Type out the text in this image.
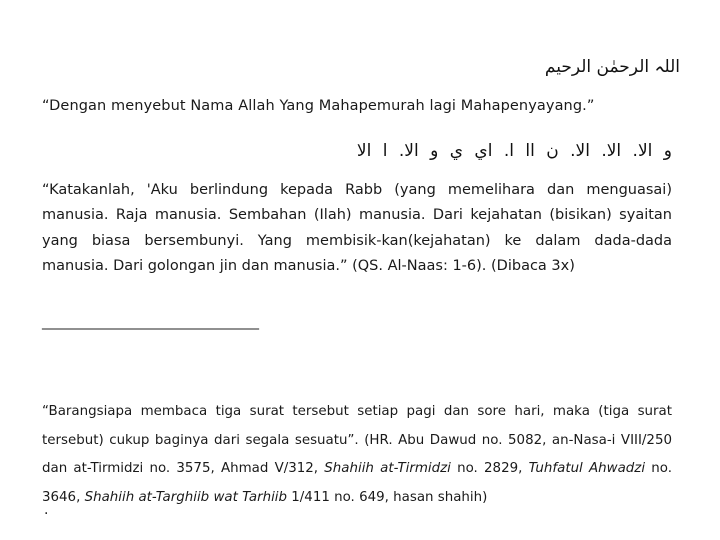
اللہ الرحمٰن الرحیم
“Dengan menyebut Nama Allah Yang Mahapemurah lagi Mahapenyayang.”
و الا. الا. الا. ن اا ا. اي ي و الا. ا الا
“Katakanlah, 'Aku berlindung kepada Rabb (yang memelihara dan menguasai) manusia. Raja manusia. Sembahan (Ilah) manusia. Dari kejahatan (bisikan) syaitan yang biasa bersembunyi. Yang membisik-kan(kejahatan) ke dalam dada-dada manusia. Dari golongan jin dan manusia.” (QS. Al-Naas: 1-6). (Dibaca 3x)
_______________________________
“Barangsiapa membaca tiga surat tersebut setiap pagi dan sore hari, maka (tiga surat tersebut) cukup baginya dari segala sesuatu”. (HR. Abu Dawud no. 5082, an-Nasa-i VIII/250 dan at-Tirmidzi no. 3575, Ahmad V/312, Shahiih at-Tirmidzi no. 2829, Tuhfatul Ahwadzi no. 3646, Shahiih at-Targhiib wat Tarhiib 1/411 no. 649, hasan shahih)
.
